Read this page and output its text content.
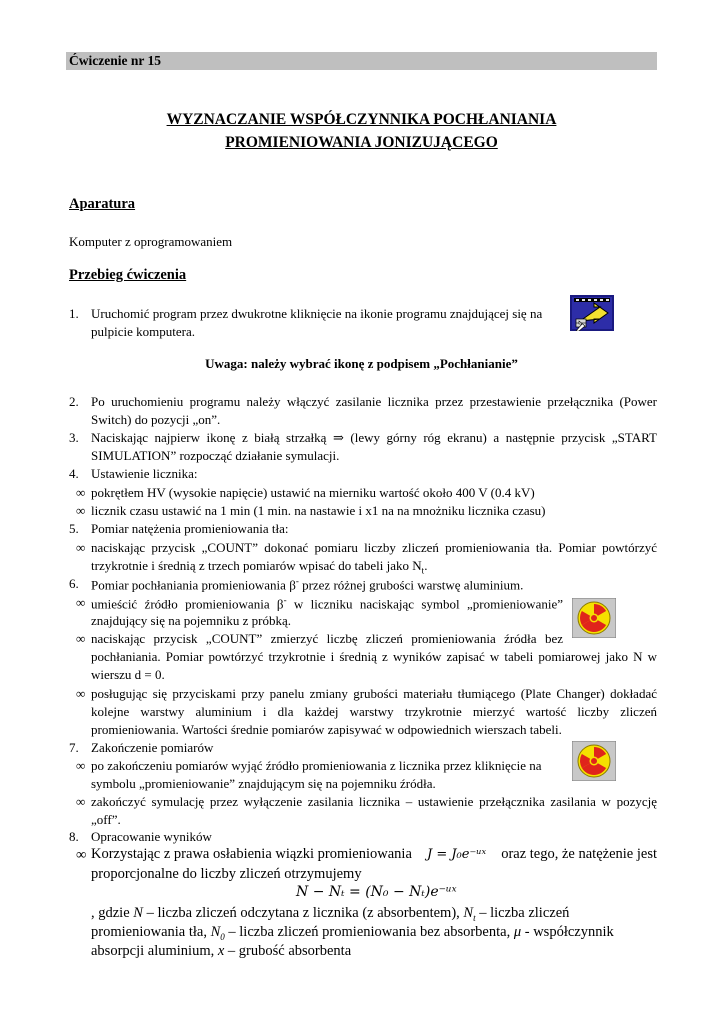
Ćwiczenie nr 15
WYZNACZANIE WSPÓŁCZYNNIKA POCHŁANIANIA
PROMIENIOWANIA JONIZUJĄCEGO
Aparatura
Komputer z oprogramowaniem
Przebieg ćwiczenia
1. Uruchomić program przez dwukrotne kliknięcie na ikonie programu znajdującej się na
pulpicie komputera.
Uwaga: należy wybrać ikonę z podpisem „Pochłanianie”
2. Po uruchomieniu programu należy włączyć zasilanie licznika przez przestawienie przełącznika (Power
Switch) do pozycji „on”.
3. Naciskając najpierw ikonę z białą strzałką ⇒ (lewy górny róg ekranu) a następnie przycisk „START
SIMULATION” rozpocząć działanie symulacji.
4. Ustawienie licznika:
∞ pokrętłem HV (wysokie napięcie) ustawić na mierniku wartość około 400 V (0.4 kV)
∞ licznik czasu ustawić na 1 min (1 min. na nastawie i x1 na na mnożniku licznika czasu)
5. Pomiar natężenia promieniowania tła:
∞ naciskając przycisk „COUNT” dokonać pomiaru liczby zliczeń promieniowania tła. Pomiar powtórzyć
trzykrotnie i średnią z trzech pomiarów wpisać do tabeli jako $N_t$.
6. Pomiar pochłaniania promieniowania β- przez różnej grubości warstwę aluminium.
∞ umieścić źródło promieniowania β- w liczniku naciskając symbol „promieniowanie”
znajdujący się na pojemniku z próbką.
∞ naciskając przycisk „COUNT” zmierzyć liczbę zliczeń promieniowania źródła bez
pochłaniania. Pomiar powtórzyć trzykrotnie i średnią z wyników zapisać w tabeli pomiarowej jako N w
wierszu d = 0.
∞ posługując się przyciskami przy panelu zmiany grubości materiału tłumiącego (Plate Changer) dokładać
kolejne warstwy aluminium i dla każdej warstwy trzykrotnie mierzyć wartość liczby zliczeń
promieniowania. Wartości średnie pomiarów zapisywać w odpowiednich wierszach tabeli.
7. Zakończenie pomiarów
∞ po zakończeniu pomiarów wyjąć źródło promieniowania z licznika przez kliknięcie na
symbolu „promieniowanie” znajdującym się na pojemniku źródła.
∞ zakończyć symulację przez wyłączenie zasilania licznika – ustawienie przełącznika zasilania w pozycję
„off”.
8. Opracowanie wyników
∞ Korzystając z prawa osłabienia wiązki promieniowania J = J₀e⁻ᵘˣ oraz tego, że natężenie jest
proporcjonalne do liczby zliczeń otrzymujemy
N − Nₜ = (N₀ − Nₜ)e⁻ᵘˣ
, gdzie N – liczba zliczeń odczytana z licznika (z absorbentem), $N_t$ – liczba zliczeń
promieniowania tła, $N_0$ – liczba zliczeń promieniowania bez absorbenta, μ - współczynnik
absorpcji aluminium, x – grubość absorbenta
